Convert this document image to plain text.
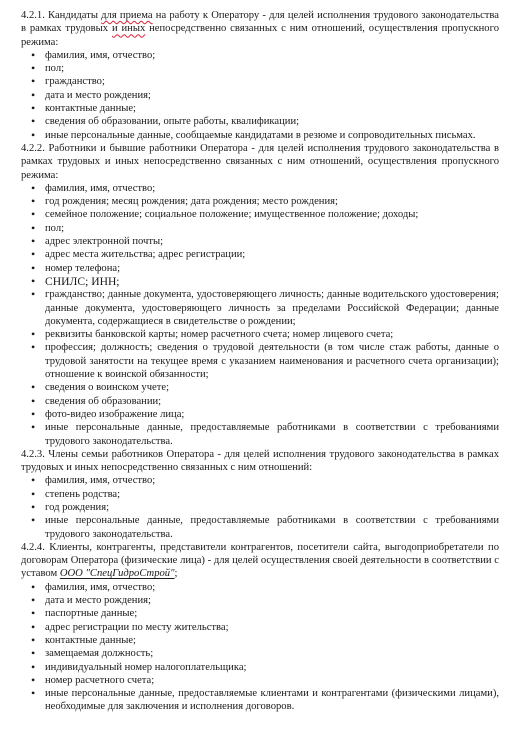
4.2.1. Кандидаты для приема на работу к Оператору - для целей исполнения трудового законодательства в рамках трудовых и иных непосредственно связанных с ним отношений, осуществления пропускного режима:

• фамилия, имя, отчество;
• пол;
• гражданство;
• дата и место рождения;
• контактные данные;
• сведения об образовании, опыте работы, квалификации;
• иные персональные данные, сообщаемые кандидатами в резюме и сопроводительных письмах.

4.2.2. Работники и бывшие работники Оператора - для целей исполнения трудового законодательства в рамках трудовых и иных непосредственно связанных с ним отношений, осуществления пропускного режима:

• фамилия, имя, отчество;
• год рождения; месяц рождения; дата рождения; место рождения;
• семейное положение; социальное положение; имущественное положение; доходы;
• пол;
• адрес электронной почты;
• адрес места жительства; адрес регистрации;
• номер телефона;
• СНИЛС; ИНН;
• гражданство; данные документа, удостоверяющего личность; данные водительского удостоверения; данные документа, удостоверяющего личность за пределами Российской Федерации; данные документа, содержащиеся в свидетельстве о рождении;
• реквизиты банковской карты; номер расчетного счета; номер лицевого счета;
• профессия; должность; сведения о трудовой деятельности (в том числе стаж работы, данные о трудовой занятости на текущее время с указанием наименования и расчетного счета организации); отношение к воинской обязанности;
• сведения о воинском учете;
• сведения об образовании;
• фото-видео изображение лица;
• иные персональные данные, предоставляемые работниками в соответствии с требованиями трудового законодательства.

4.2.3. Члены семьи работников Оператора - для целей исполнения трудового законодательства в рамках трудовых и иных непосредственно связанных с ним отношений:

• фамилия, имя, отчество;
• степень родства;
• год рождения;
• иные персональные данные, предоставляемые работниками в соответствии с требованиями трудового законодательства.

4.2.4. Клиенты, контрагенты, представители контрагентов, посетители сайта, выгодоприобретатели по договорам Оператора (физические лица) - для целей осуществления своей деятельности в соответствии с уставом ООО "СпецГидроСтрой";

• фамилия, имя, отчество;
• дата и место рождения;
• паспортные данные;
• адрес регистрации по месту жительства;
• контактные данные;
• замещаемая должность;
• индивидуальный номер налогоплательщика;
• номер расчетного счета;
• иные персональные данные, предоставляемые клиентами и контрагентами (физическими лицами), необходимые для заключения и исполнения договоров.
